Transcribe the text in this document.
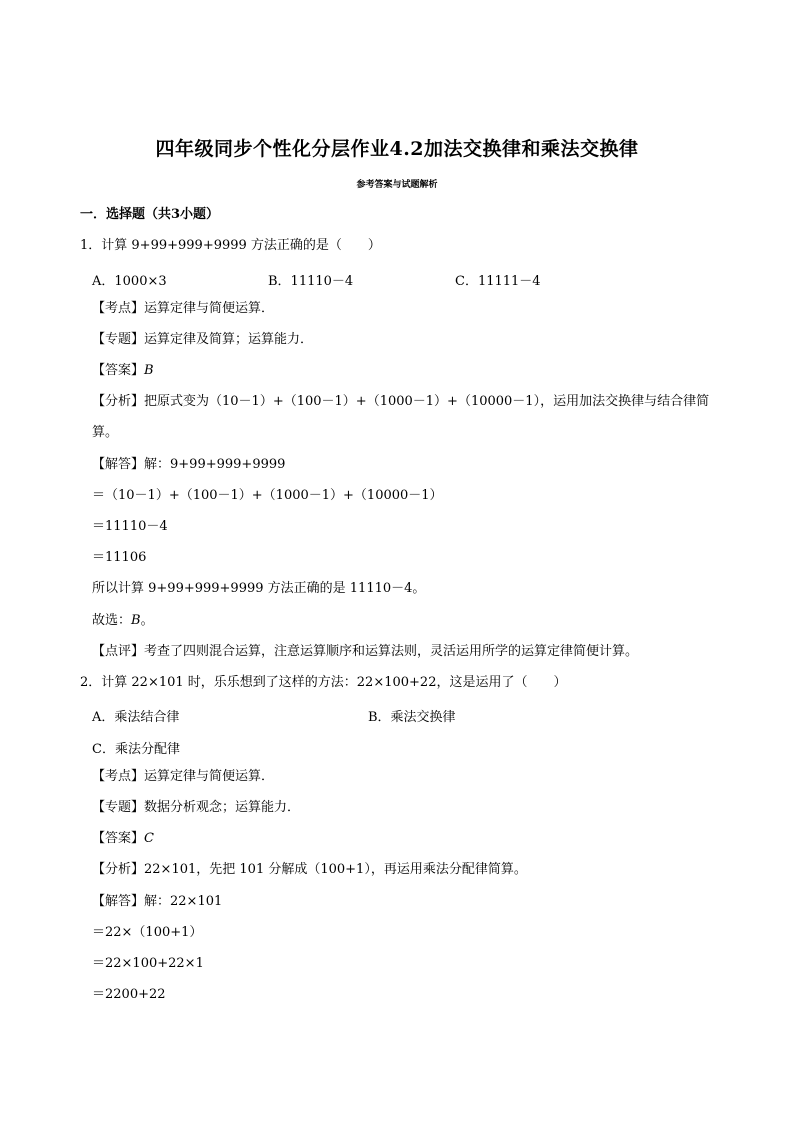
四年级同步个性化分层作业4.2加法交换律和乘法交换律
参考答案与试题解析
一．选择题（共3小题）
1．计算 9+99+999+9999 方法正确的是（　　）
A．1000×3	B．11110－4	C．11111－4
【考点】运算定律与简便运算．
【专题】运算定律及简算；运算能力．
【答案】B
【分析】把原式变为（10－1）+（100－1）+（1000－1）+（10000－1），运用加法交换律与结合律简
算。
【解答】解：9+99+999+9999
＝（10－1）+（100－1）+（1000－1）+（10000－1）
＝11110－4
＝11106
所以计算 9+99+999+9999 方法正确的是 11110－4。
故选：B。
【点评】考查了四则混合运算，注意运算顺序和运算法则，灵活运用所学的运算定律简便计算。
2．计算 22×101 时，乐乐想到了这样的方法：22×100+22，这是运用了（　　）
A．乘法结合律	B．乘法交换律
C．乘法分配律
【考点】运算定律与简便运算．
【专题】数据分析观念；运算能力．
【答案】C
【分析】22×101，先把 101 分解成（100+1），再运用乘法分配律简算。
【解答】解：22×101
＝22×（100+1）
＝22×100+22×1
＝2200+22
